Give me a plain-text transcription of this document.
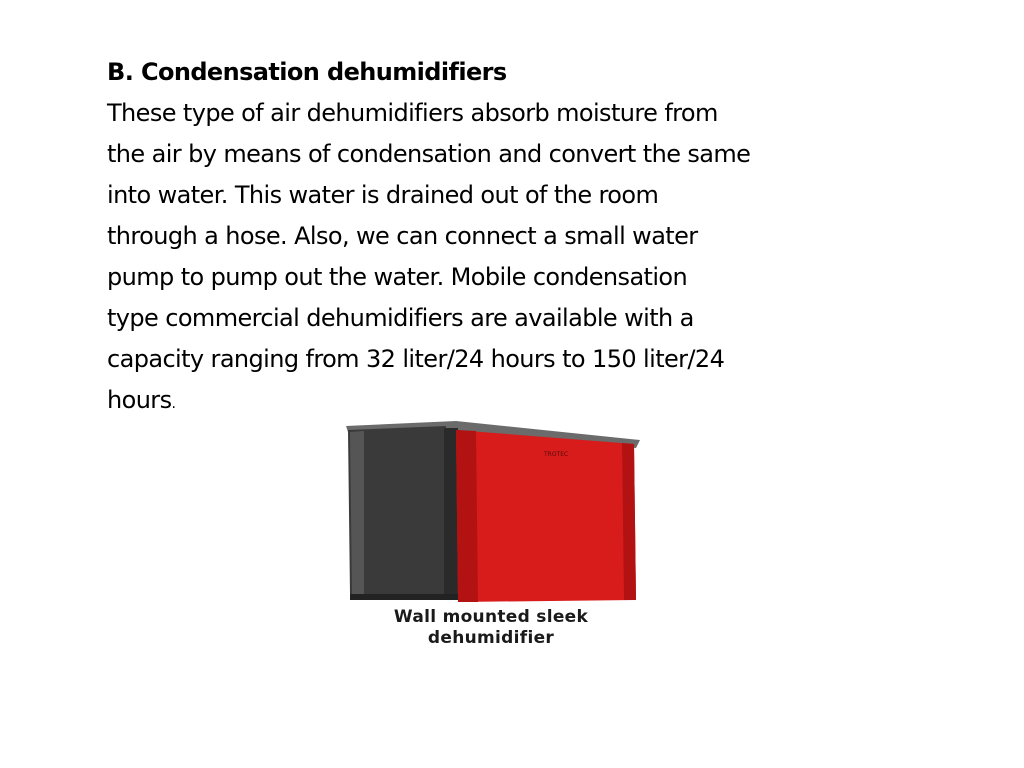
B. Condensation dehumidifiers
These type of air dehumidifiers absorb moisture from
the air by means of condensation and convert the same
into water. This water is drained out of the room
through a hose. Also, we can connect a small water
pump to pump out the water. Mobile condensation
type commercial dehumidifiers are available with a
capacity ranging from 32 liter/24 hours to 150 liter/24
hours.
TROTEC
Wall mounted sleek
dehumidifier
